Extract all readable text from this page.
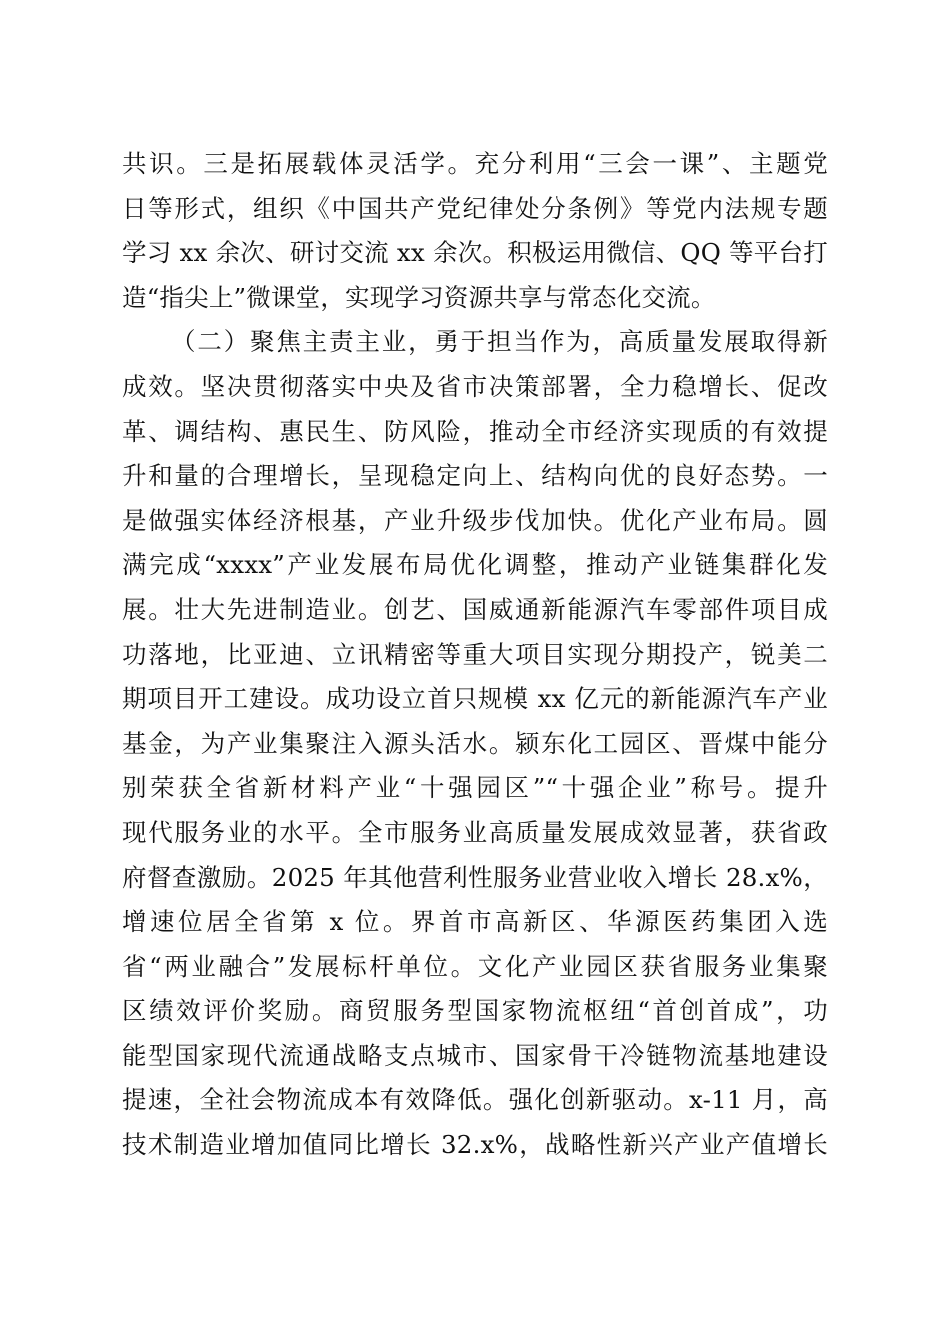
共识。三是拓展载体灵活学。充分利用“三会一课”、主题党
日等形式，组织《中国共产党纪律处分条例》等党内法规专题
学习 xx 余次、研讨交流 xx 余次。积极运用微信、QQ 等平台打
造“指尖上”微课堂，实现学习资源共享与常态化交流。
（二）聚焦主责主业，勇于担当作为，高质量发展取得新
成效。坚决贯彻落实中央及省市决策部署，全力稳增长、促改
革、调结构、惠民生、防风险，推动全市经济实现质的有效提
升和量的合理增长，呈现稳定向上、结构向优的良好态势。一
是做强实体经济根基，产业升级步伐加快。优化产业布局。圆
满完成“xxxx”产业发展布局优化调整，推动产业链集群化发
展。壮大先进制造业。创艺、国威通新能源汽车零部件项目成
功落地，比亚迪、立讯精密等重大项目实现分期投产，锐美二
期项目开工建设。成功设立首只规模 xx 亿元的新能源汽车产业
基金，为产业集聚注入源头活水。颍东化工园区、晋煤中能分
别荣获全省新材料产业“十强园区”“十强企业”称号。提升
现代服务业的水平。全市服务业高质量发展成效显著，获省政
府督查激励。2025 年其他营利性服务业营业收入增长 28.x%，
增速位居全省第 x 位。界首市高新区、华源医药集团入选
省“两业融合”发展标杆单位。文化产业园区获省服务业集聚
区绩效评价奖励。商贸服务型国家物流枢纽“首创首成”，功
能型国家现代流通战略支点城市、国家骨干冷链物流基地建设
提速，全社会物流成本有效降低。强化创新驱动。x-11 月，高
技术制造业增加值同比增长 32.x%，战略性新兴产业产值增长
